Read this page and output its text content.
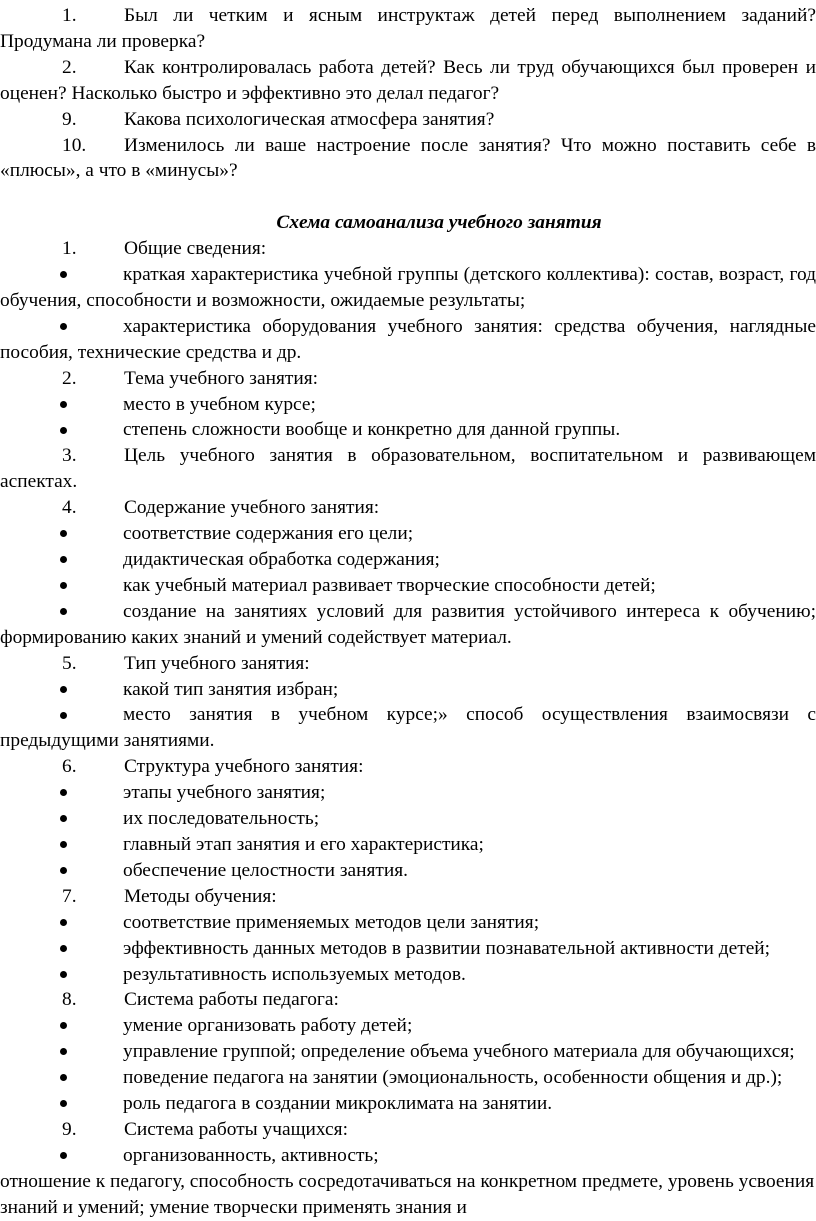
1. Был ли четким и ясным инструктаж детей перед выполнением заданий? Продумана ли проверка?

2. Как контролировалась работа детей? Весь ли труд обучающихся был проверен и оценен? Насколько быстро и эффективно это делал педагог?

9. Какова психологическая атмосфера занятия?

10. Изменилось ли ваше настроение после занятия? Что можно поставить себе в «плюсы», а что в «минусы»?

Схема самоанализа учебного занятия

1. Общие сведения:

краткая характеристика учебной группы (детского коллектива): состав, возраст, год обучения, способности и возможности, ожидаемые результаты;

характеристика оборудования учебного занятия: средства обучения, наглядные пособия, технические средства и др.

2. Тема учебного занятия:

место в учебном курсе;

степень сложности вообще и конкретно для данной группы.

3. Цель учебного занятия в образовательном, воспитательном и развивающем аспектах.

4. Содержание учебного занятия:

соответствие содержания его цели;

дидактическая обработка содержания;

как учебный материал развивает творческие способности детей;

создание на занятиях условий для развития устойчивого интереса к обучению; формированию каких знаний и умений содействует материал.

5. Тип учебного занятия:

какой тип занятия избран;

место занятия в учебном курсе;» способ осуществления взаимосвязи с предыдущими занятиями.

6. Структура учебного занятия:

этапы учебного занятия;

их последовательность;

главный этап занятия и его характеристика;

обеспечение целостности занятия.

7. Методы обучения:

соответствие применяемых методов цели занятия;

эффективность данных методов в развитии познавательной активности детей;

результативность используемых методов.

8. Система работы педагога:

умение организовать работу детей;

управление группой; определение объема учебного материала для обучающихся;

поведение педагога на занятии (эмоциональность, особенности общения и др.);

роль педагога в создании микроклимата на занятии.

9. Система работы учащихся:

организованность, активность;

отношение к педагогу, способность сосредотачиваться на конкретном предмете, уровень усвоения знаний и умений; умение творчески применять знания и
